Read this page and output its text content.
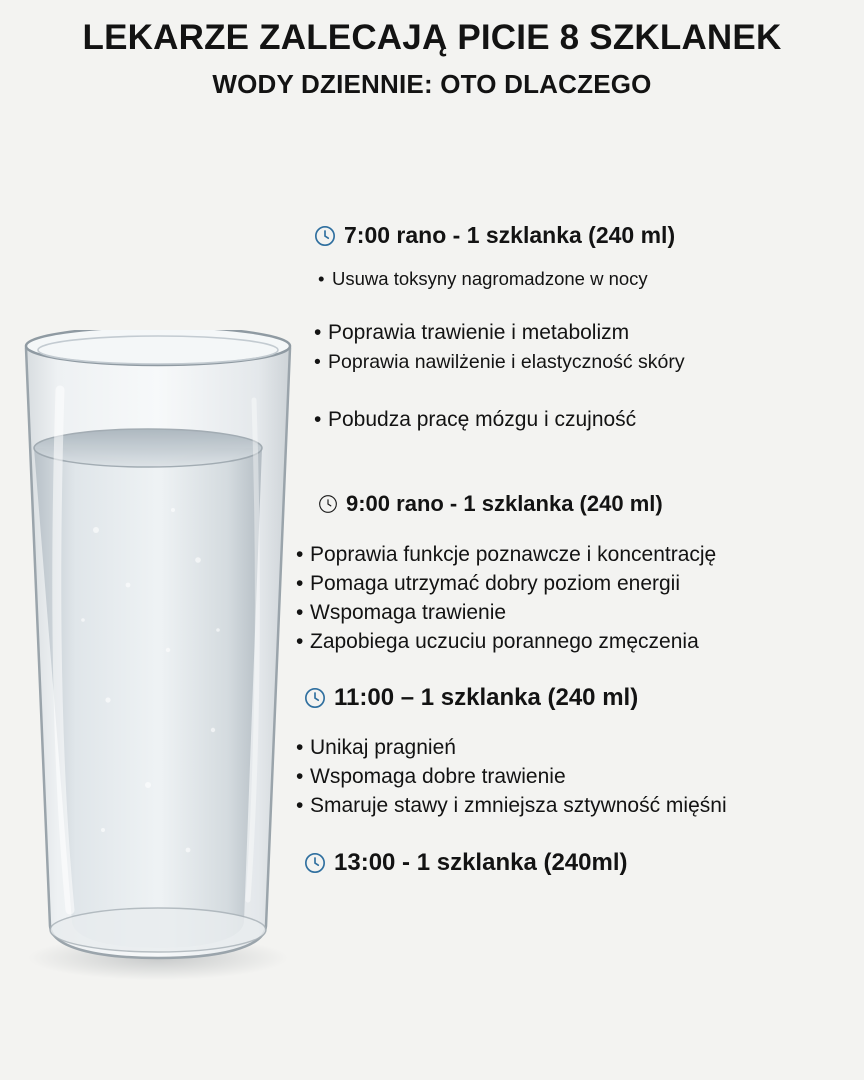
LEKARZE ZALECAJĄ PICIE 8 SZKLANEK
WODY DZIENNIE: OTO DLACZEGO
7:00 rano - 1 szklanka (240 ml)
• Usuwa toksyny nagromadzone w nocy
• Poprawia trawienie i metabolizm
• Poprawia nawilżenie i elastyczność skóry
• Pobudza pracę mózgu i czujność
9:00 rano - 1 szklanka (240 ml)
• Poprawia funkcje poznawcze i koncentrację
• Pomaga utrzymać dobry poziom energii
• Wspomaga trawienie
• Zapobiega uczuciu porannego zmęczenia
11:00 – 1 szklanka (240 ml)
• Unikaj pragnień
• Wspomaga dobre trawienie
• Smaruje stawy i zmniejsza sztywność mięśni
13:00 - 1 szklanka (240ml)
